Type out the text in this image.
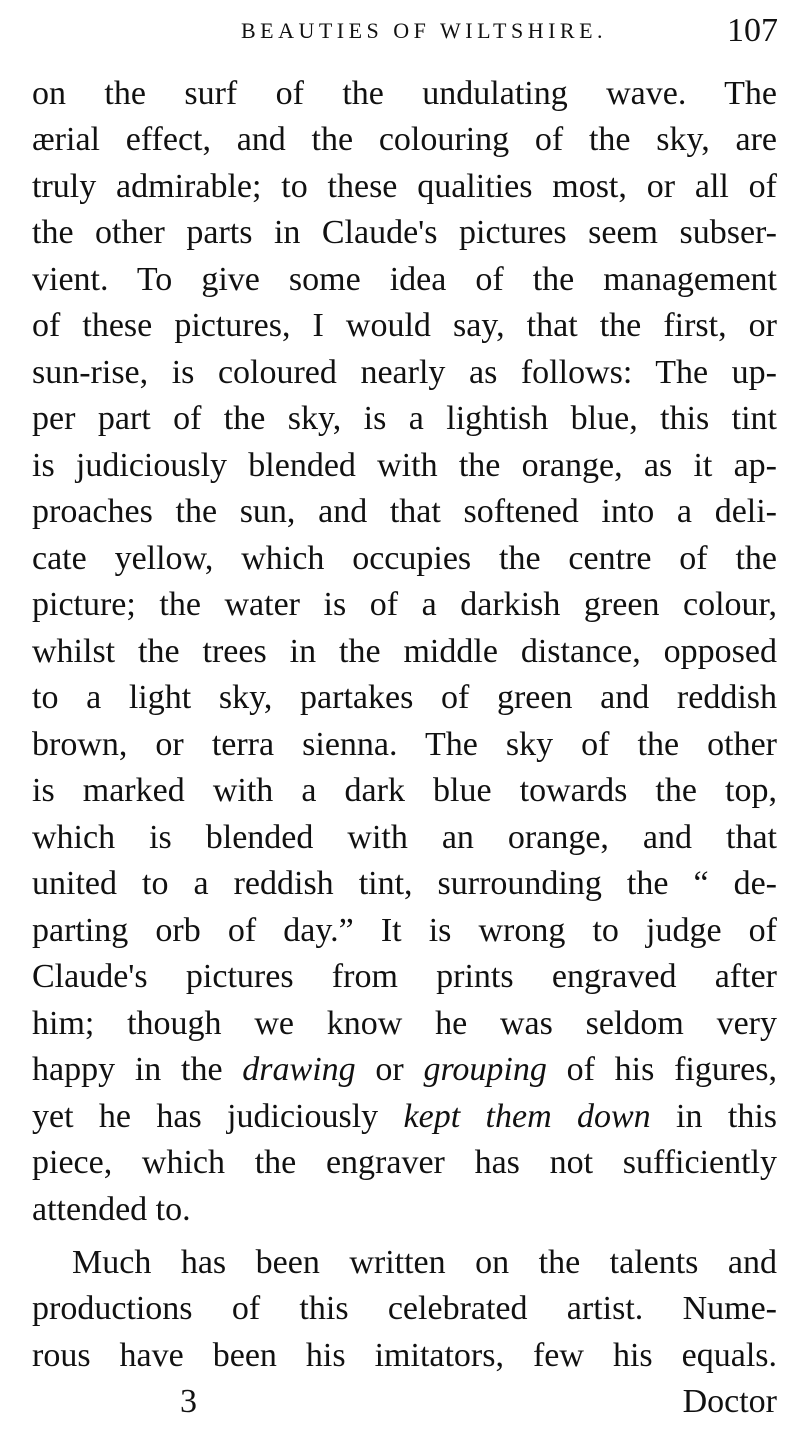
BEAUTIES OF WILTSHIRE.	107
on the surf of the undulating wave. The
ærial effect, and the colouring of the sky, are
truly admirable; to these qualities most, or all of
the other parts in Claude's pictures seem subser-
vient. To give some idea of the management
of these pictures, I would say, that the first, or
sun-rise, is coloured nearly as follows: The up-
per part of the sky, is a lightish blue, this tint
is judiciously blended with the orange, as it ap-
proaches the sun, and that softened into a deli-
cate yellow, which occupies the centre of the
picture; the water is of a darkish green colour,
whilst the trees in the middle distance, opposed
to a light sky, partakes of green and reddish
brown, or terra sienna. The sky of the other
is marked with a dark blue towards the top,
which is blended with an orange, and that
united to a reddish tint, surrounding the “ de-
parting orb of day.” It is wrong to judge of
Claude's pictures from prints engraved after
him; though we know he was seldom very
happy in the drawing or grouping of his figures,
yet he has judiciously kept them down in this
piece, which the engraver has not sufficiently
attended to.
Much has been written on the talents and
productions of this celebrated artist. Nume-
rous have been his imitators, few his equals.
3	Doctor
